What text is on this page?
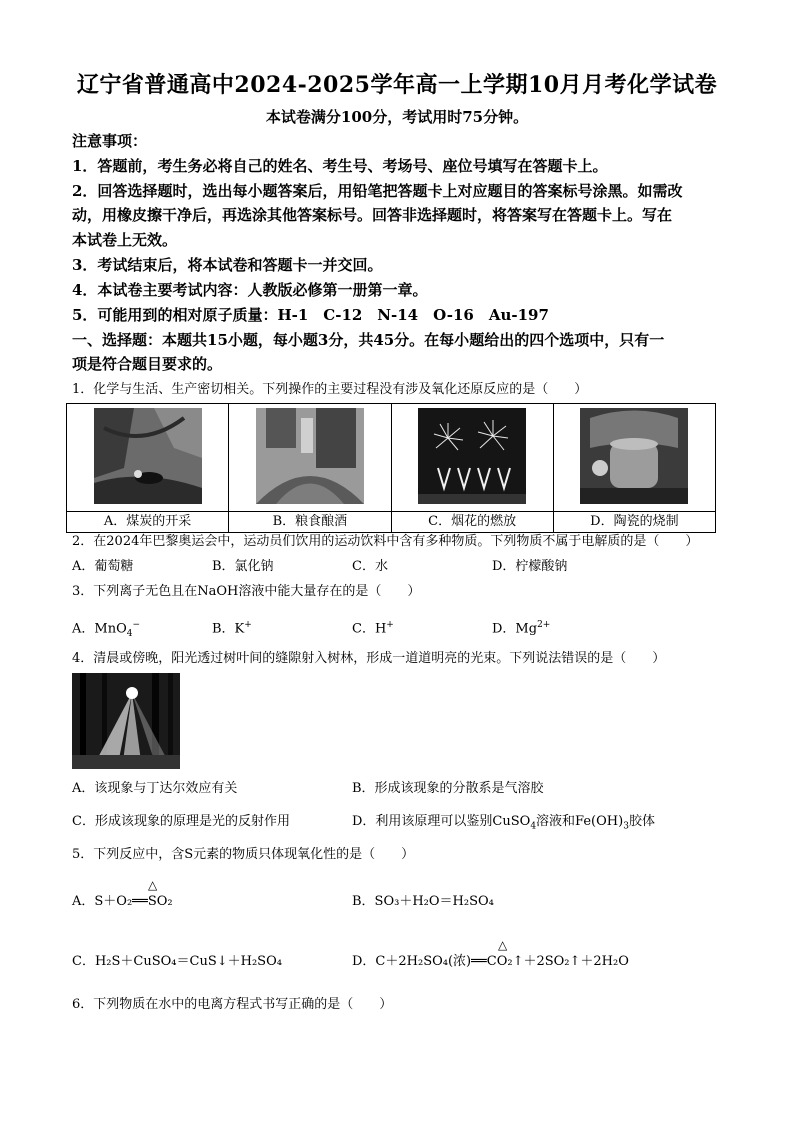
辽宁省普通高中2024-2025学年高一上学期10月月考化学试卷
本试卷满分100分，考试用时75分钟。
注意事项：
1．答题前，考生务必将自己的姓名、考生号、考场号、座位号填写在答题卡上。
2．回答选择题时，选出每小题答案后，用铅笔把答题卡上对应题目的答案标号涂黑。如需改
动，用橡皮擦干净后，再选涂其他答案标号。回答非选择题时，将答案写在答题卡上。写在
本试卷上无效。
3．考试结束后，将本试卷和答题卡一并交回。
4．本试卷主要考试内容：人教版必修第一册第一章。
5．可能用到的相对原子质量：H-1　C-12　N-14　O-16　Au-197
一、选择题：本题共15小题，每小题3分，共45分。在每小题给出的四个选项中，只有一
项是符合题目要求的。
1．化学与生活、生产密切相关。下列操作的主要过程没有涉及氧化还原反应的是（　　）
A．煤炭的开采	B．粮食酿酒	C．烟花的燃放	D．陶瓷的烧制
2．在2024年巴黎奥运会中，运动员们饮用的运动饮料中含有多种物质。下列物质不属于电解质的是（　　）
A．葡萄糖	B．氯化钠	C．水	D．柠檬酸钠
3．下列离子无色且在NaOH溶液中能大量存在的是（　　）
A．MnO$_4$−	B．K+	C．H+	D．$Mg^{2+}$
4．清晨或傍晚，阳光透过树叶间的缝隙射入树林，形成一道道明亮的光束。下列说法错误的是（　　）
A．该现象与丁达尔效应有关	B．形成该现象的分散系是气溶胶
C．形成该现象的原理是光的反射作用	D．利用该原理可以鉴别CuSO$_4$溶液和$Fe(OH)_3$胶体
5．下列反应中，含S元素的物质只体现氧化性的是（　　）
△
A．S＋O₂══SO₂	B．SO₃＋H₂O＝H₂SO₄
△
C．H₂S＋CuSO₄＝CuS↓＋H₂SO₄	D．C＋2H₂SO₄(浓)══CO₂↑＋2SO₂↑＋2H₂O
6．下列物质在水中的电离方程式书写正确的是（　　）
